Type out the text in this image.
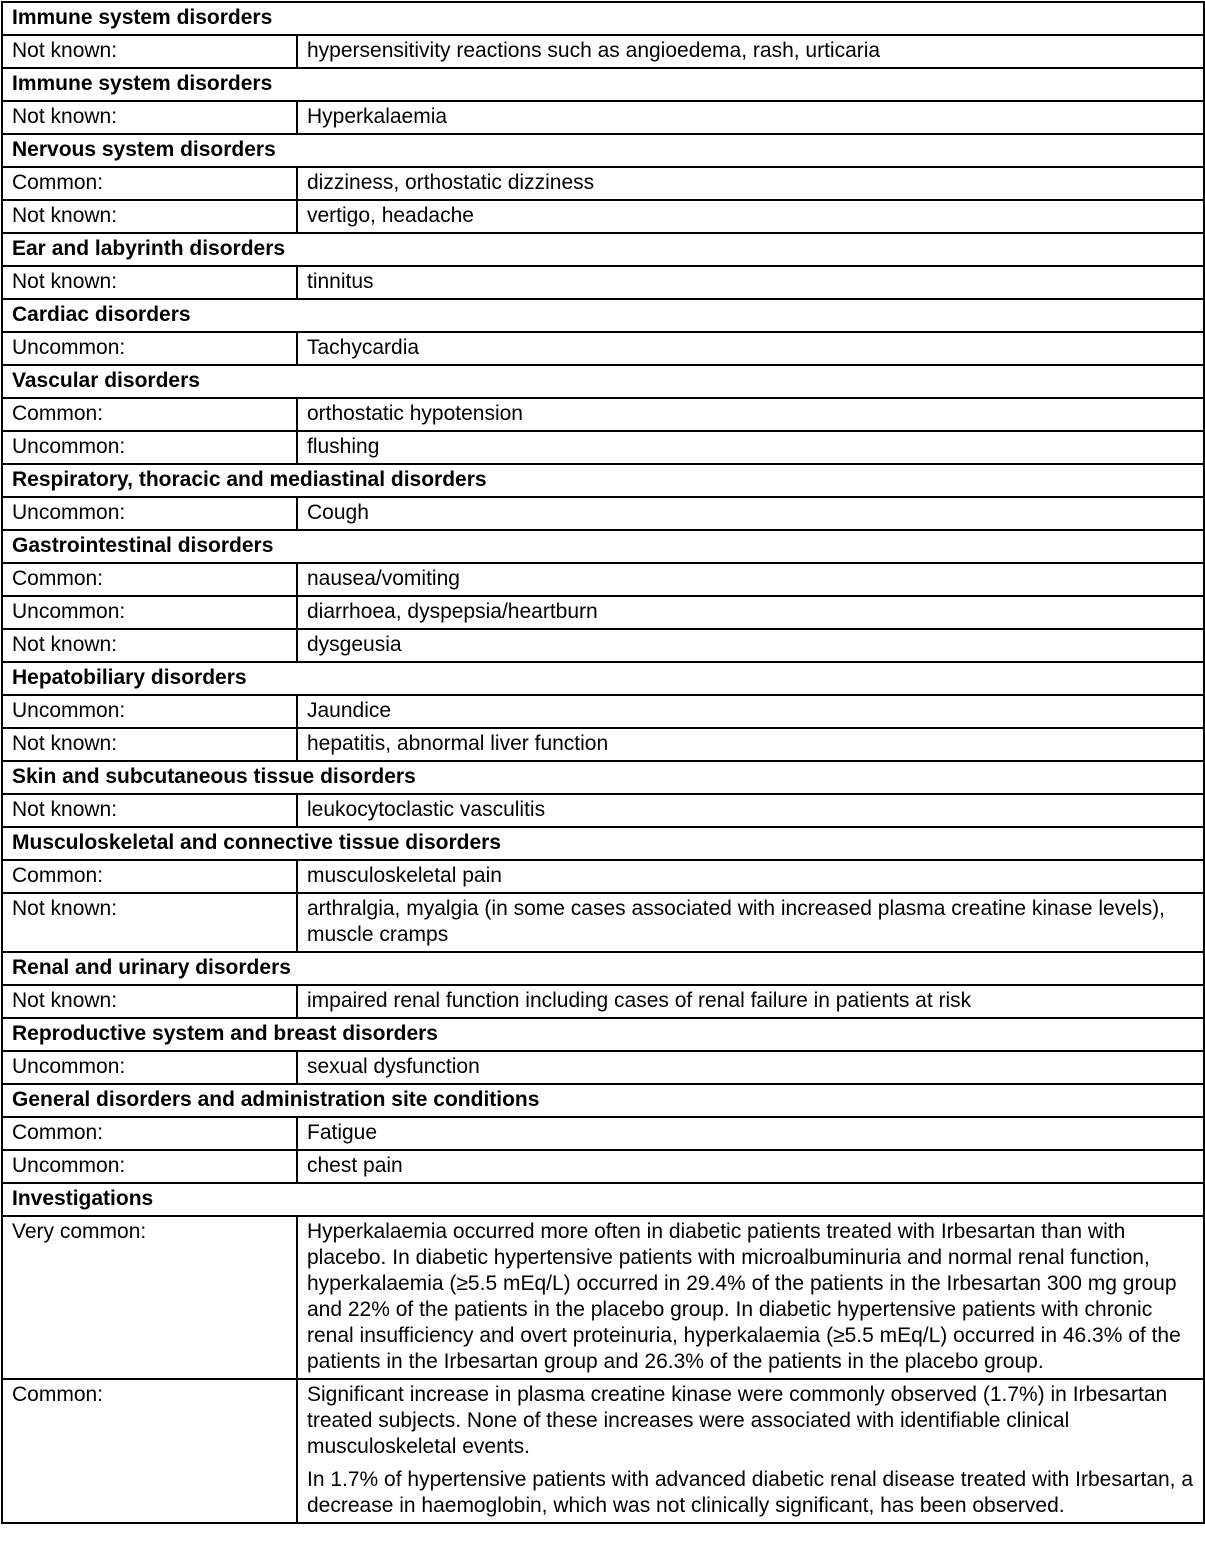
Immune system disorders	
Not known:	hypersensitivity reactions such as angioedema, rash, urticaria

Immune system disorders	
Not known:	Hyperkalaemia

Nervous system disorders	
Common:	dizziness, orthostatic dizziness

Not known:	vertigo, headache

Ear and labyrinth disorders	
Not known:	tinnitus

Cardiac disorders	
Uncommon:	Tachycardia

Vascular disorders	
Common:	orthostatic hypotension

Uncommon:	flushing

Respiratory, thoracic and mediastinal disorders	
Uncommon:	Cough

Gastrointestinal disorders	
Common:	nausea/vomiting

Uncommon:	diarrhoea, dyspepsia/heartburn

Not known:	dysgeusia

Hepatobiliary disorders	
Uncommon:	Jaundice

Not known:	hepatitis, abnormal liver function

Skin and subcutaneous tissue disorders	
Not known:	leukocytoclastic vasculitis

Musculoskeletal and connective tissue disorders	
Common:	musculoskeletal pain

Not known:	arthralgia, myalgia (in some cases associated with increased plasma creatine kinase levels), muscle cramps

Renal and urinary disorders	
Not known:	impaired renal function including cases of renal failure in patients at risk

Reproductive system and breast disorders	
Uncommon:	sexual dysfunction

General disorders and administration site conditions	
Common:	Fatigue

Uncommon:	chest pain

Investigations	
Very common:	Hyperkalaemia occurred more often in diabetic patients treated with Irbesartan than with placebo. In diabetic hypertensive patients with microalbuminuria and normal renal function, hyperkalaemia (≥5.5 mEq/L) occurred in 29.4% of the patients in the Irbesartan 300 mg group and 22% of the patients in the placebo group. In diabetic hypertensive patients with chronic renal insufficiency and overt proteinuria, hyperkalaemia (≥5.5 mEq/L) occurred in 46.3% of the patients in the Irbesartan group and 26.3% of the patients in the placebo group.

Common:	Significant increase in plasma creatine kinase were commonly observed (1.7%) in Irbesartan treated subjects. None of these increases were associated with identifiable clinical musculoskeletal events.

In 1.7% of hypertensive patients with advanced diabetic renal disease treated with Irbesartan, a decrease in haemoglobin, which was not clinically significant, has been observed.
